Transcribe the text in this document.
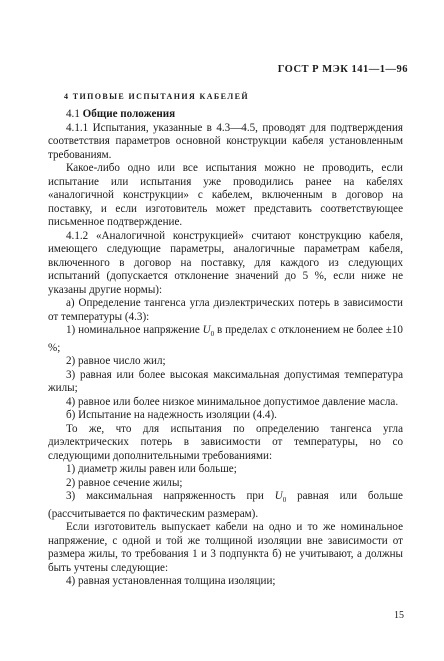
ГОСТ Р МЭК 141—1—96
4 ТИПОВЫЕ ИСПЫТАНИЯ КАБЕЛЕЙ

4.1 Общие положения

4.1.1 Испытания, указанные в 4.3—4.5, проводят для подтверждения соответствия параметров основной конструкции кабеля установленным требованиям.

Какое-либо одно или все испытания можно не проводить, если испытание или испытания уже проводились ранее на кабелях «аналогичной конструкции» с кабелем, включенным в договор на поставку, и если изготовитель может представить соответствующее письменное подтверждение.

4.1.2 «Аналогичной конструкцией» считают конструкцию кабеля, имеющего следующие параметры, аналогичные параметрам кабеля, включенного в договор на поставку, для каждого из следующих испытаний (допускается отклонение значений до 5 %, если ниже не указаны другие нормы):

а) Определение тангенса угла диэлектрических потерь в зависимости от температуры (4.3):

1) номинальное напряжение $U_0$ в пределах с отклонением не более ±10 %;

2) равное число жил;

3) равная или более высокая максимальная допустимая температура жилы;

4) равное или более низкое минимальное допустимое давление масла.

б) Испытание на надежность изоляции (4.4).

То же, что для испытания по определению тангенса угла диэлектрических потерь в зависимости от температуры, но со следующими дополнительными требованиями:

1) диаметр жилы равен или больше;

2) равное сечение жилы;

3) максимальная напряженность при $U_0$ равная или больше (рассчитывается по фактическим размерам).

Если изготовитель выпускает кабели на одно и то же номинальное напряжение, с одной и той же толщиной изоляции вне зависимости от размера жилы, то требования 1 и 3 подпункта б) не учитывают, а должны быть учтены следующие:

4) равная установленная толщина изоляции;

15
